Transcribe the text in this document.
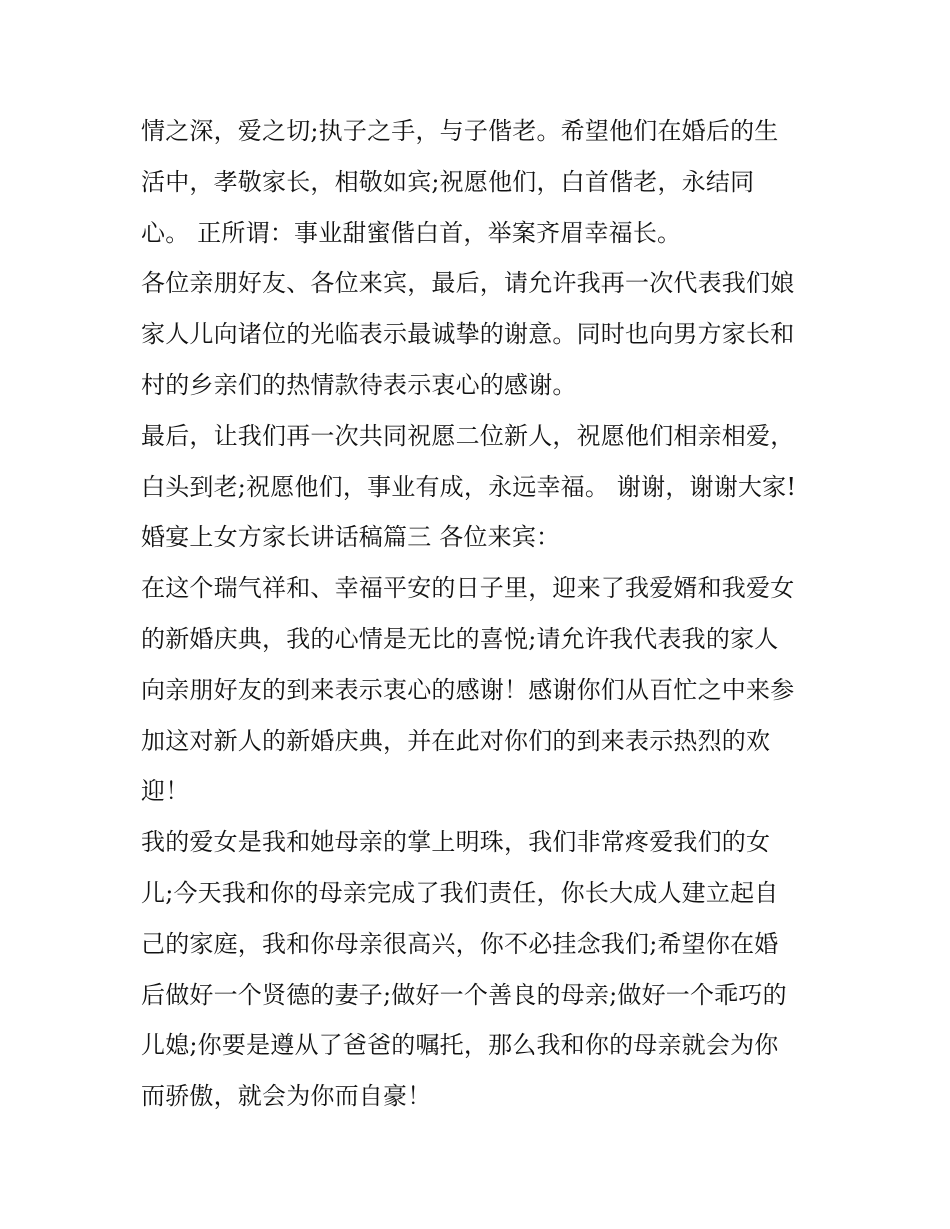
情之深，爱之切;执子之手，与子偕老。希望他们在婚后的生
活中，孝敬家长，相敬如宾;祝愿他们，白首偕老，永结同
心。 正所谓：事业甜蜜偕白首，举案齐眉幸福长。
各位亲朋好友、各位来宾，最后，请允许我再一次代表我们娘
家人儿向诸位的光临表示最诚挚的谢意。同时也向男方家长和
村的乡亲们的热情款待表示衷心的感谢。
最后，让我们再一次共同祝愿二位新人，祝愿他们相亲相爱，
白头到老;祝愿他们，事业有成，永远幸福。 谢谢，谢谢大家!
婚宴上女方家长讲话稿篇三 各位来宾：
在这个瑞气祥和、幸福平安的日子里，迎来了我爱婿和我爱女
的新婚庆典，我的心情是无比的喜悦;请允许我代表我的家人
向亲朋好友的到来表示衷心的感谢！感谢你们从百忙之中来参
加这对新人的新婚庆典，并在此对你们的到来表示热烈的欢
迎！
我的爱女是我和她母亲的掌上明珠，我们非常疼爱我们的女
儿;今天我和你的母亲完成了我们责任，你长大成人建立起自
己的家庭，我和你母亲很高兴，你不必挂念我们;希望你在婚
后做好一个贤德的妻子;做好一个善良的母亲;做好一个乖巧的
儿媳;你要是遵从了爸爸的嘱托，那么我和你的母亲就会为你
而骄傲，就会为你而自豪！
